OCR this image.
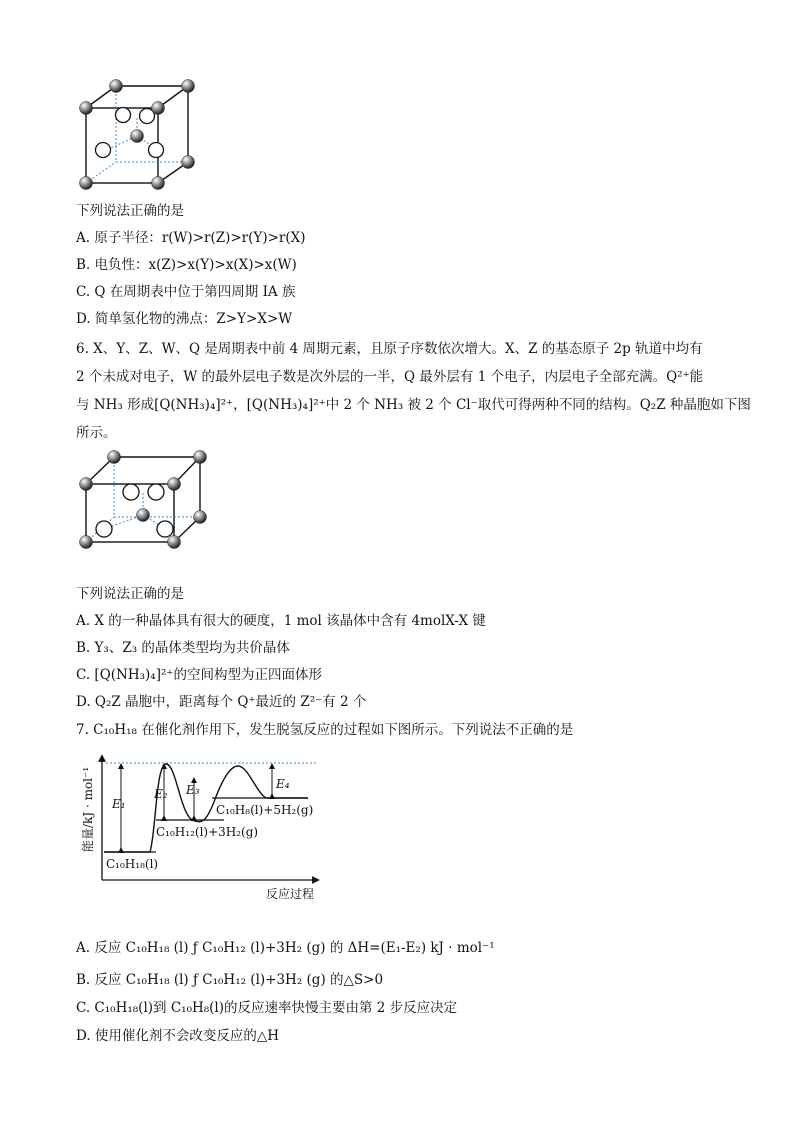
下列说法正确的是
A. 原子半径：r(W)>r(Z)>r(Y)>r(X)
B. 电负性：x(Z)>x(Y)>x(X)>x(W)
C. Q 在周期表中位于第四周期 IA 族
D. 简单氢化物的沸点：Z>Y>X>W
6. X、Y、Z、W、Q 是周期表中前 4 周期元素，且原子序数依次增大。X、Z 的基态原子 2p 轨道中均有
2 个未成对电子，W 的最外层电子数是次外层的一半，Q 最外层有 1 个电子，内层电子全部充满。Q²⁺能
与 NH₃ 形成[Q(NH₃)₄]²⁺，[Q(NH₃)₄]²⁺中 2 个 NH₃ 被 2 个 Cl⁻取代可得两种不同的结构。Q₂Z 种晶胞如下图
所示。
下列说法正确的是
A. X 的一种晶体具有很大的硬度，1 mol 该晶体中含有 4molX-X 键
B. Y₃、Z₃ 的晶体类型均为共价晶体
C. [Q(NH₃)₄]²⁺的空间构型为正四面体形
D. Q₂Z 晶胞中，距离每个 Q⁺最近的 Z²⁻有 2 个
7. C₁₀H₁₈ 在催化剂作用下，发生脱氢反应的过程如下图所示。下列说法不正确的是
能量/kJ · mol⁻¹ E₁
E₂ E₃	E₄
C₁₀H₁₈(l)
C₁₀H₁₂(l)+3H₂(g)
C₁₀H₈(l)+5H₂(g)
反应过程
A. 反应 C₁₀H₁₈ (l) ƒ C₁₀H₁₂ (l)+3H₂ (g) 的 ΔH=(E₁-E₂) kJ · mol⁻¹
B. 反应 C₁₀H₁₈ (l) ƒ C₁₀H₁₂ (l)+3H₂ (g) 的△S>0
C. C₁₀H₁₈(l)到 C₁₀H₈(l)的反应速率快慢主要由第 2 步反应决定
D. 使用催化剂不会改变反应的△H
